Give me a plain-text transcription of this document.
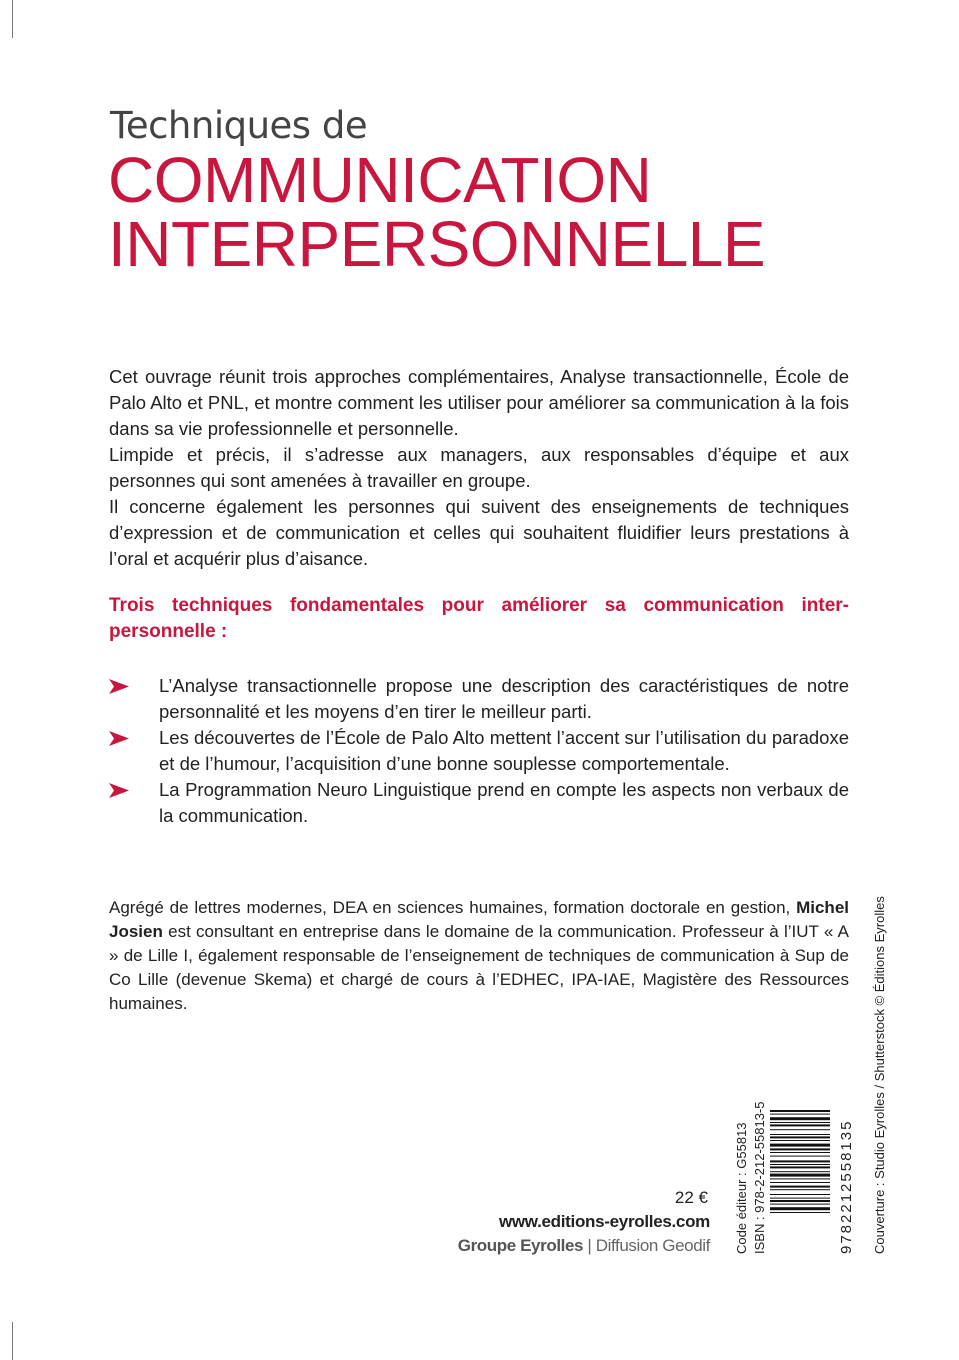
Techniques de
COMMUNICATION
INTERPERSONNELLE

Cet ouvrage réunit trois approches complémentaires, Analyse transactionnelle, École de Palo Alto et PNL, et montre comment les utiliser pour améliorer sa communication à la fois dans sa vie professionnelle et personnelle.

Limpide et précis, il s’adresse aux managers, aux responsables d’équipe et aux personnes qui sont amenées à travailler en groupe.

Il concerne également les personnes qui suivent des enseignements de techniques d’expression et de communication et celles qui souhaitent fluidifier leurs prestations à l’oral et acquérir plus d’aisance.

Trois techniques fondamentales pour améliorer sa communication inter-personnelle :
L’Analyse transactionnelle propose une description des caractéristiques de notre personnalité et les moyens d’en tirer le meilleur parti.
Les découvertes de l’École de Palo Alto mettent l’accent sur l’utilisation du paradoxe et de l’humour, l’acquisition d’une bonne souplesse comportementale.
La Programmation Neuro Linguistique prend en compte les aspects non verbaux de la communication.
Agrégé de lettres modernes, DEA en sciences humaines, formation doctorale en gestion, Michel Josien est consultant en entreprise dans le domaine de la communication. Professeur à l’IUT « A » de Lille I, également responsable de l’enseignement de techniques de communication à Sup de Co Lille (devenue Skema) et chargé de cours à l’EDHEC, IPA-IAE, Magistère des Ressources humaines.
22 €
www.editions-eyrolles.com
Groupe Eyrolles | Diffusion Geodif Code éditeur : G55813 ISBN : 978-2-212-55813-5	9782212558135 Couverture : Studio Eyrolles / Shutterstock © Éditions Eyrolles
